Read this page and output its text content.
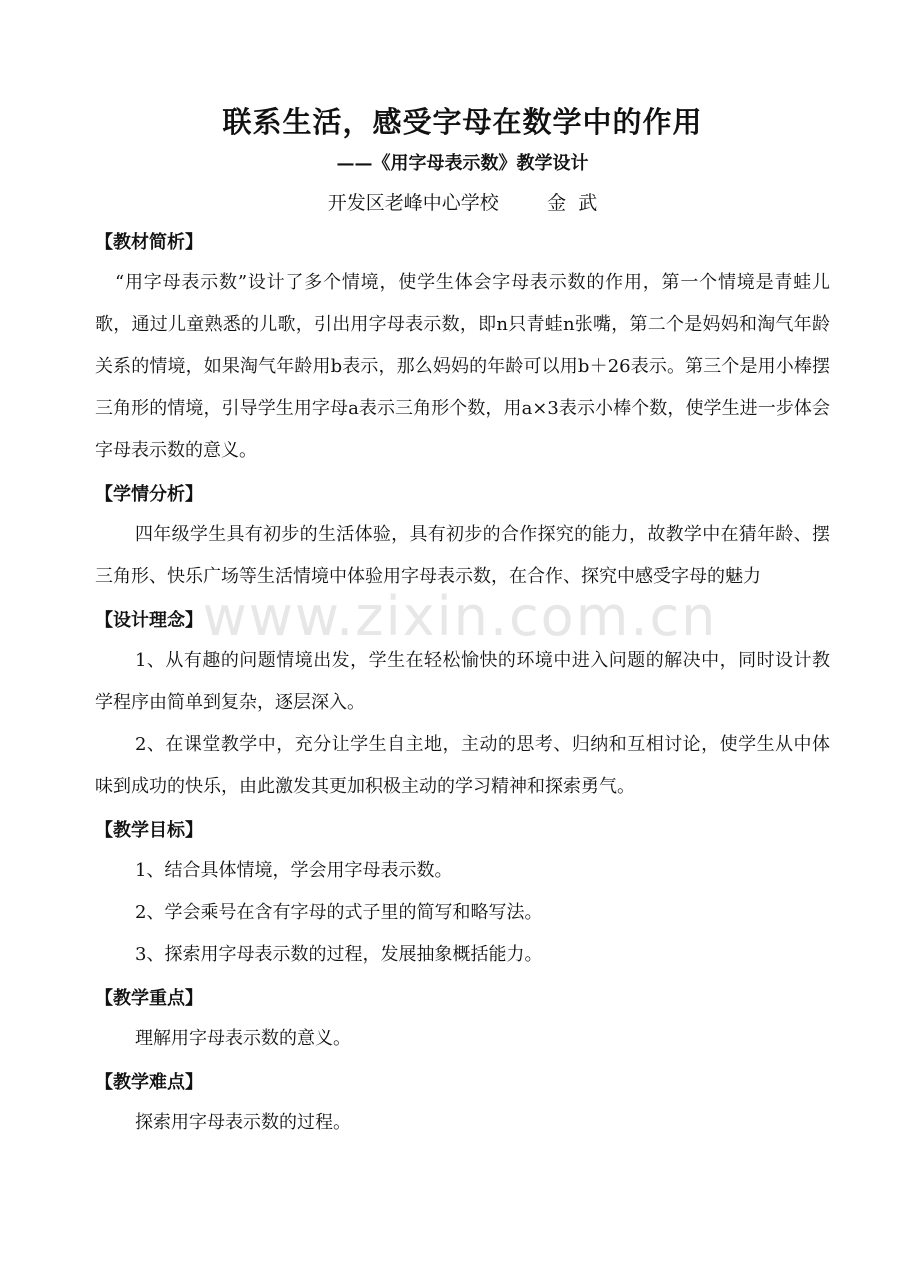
联系生活，感受字母在数学中的作用

——《用字母表示数》教学设计

开发区老峰中心学校        金  武

【教材简析】

“用字母表示数”设计了多个情境，使学生体会字母表示数的作用，第一个情境是青蛙儿歌，通过儿童熟悉的儿歌，引出用字母表示数，即n只青蛙n张嘴，第二个是妈妈和淘气年龄关系的情境，如果淘气年龄用b表示，那么妈妈的年龄可以用b＋26表示。第三个是用小棒摆三角形的情境，引导学生用字母a表示三角形个数，用a×3表示小棒个数，使学生进一步体会字母表示数的意义。

【学情分析】

四年级学生具有初步的生活体验，具有初步的合作探究的能力，故教学中在猜年龄、摆三角形、快乐广场等生活情境中体验用字母表示数，在合作、探究中感受字母的魅力

【设计理念】

1、从有趣的问题情境出发，学生在轻松愉快的环境中进入问题的解决中，同时设计教学程序由简单到复杂，逐层深入。

2、在课堂教学中，充分让学生自主地，主动的思考、归纳和互相讨论，使学生从中体味到成功的快乐，由此激发其更加积极主动的学习精神和探索勇气。

【教学目标】

1、结合具体情境，学会用字母表示数。

2、学会乘号在含有字母的式子里的简写和略写法。

3、探索用字母表示数的过程，发展抽象概括能力。

【教学重点】

理解用字母表示数的意义。

【教学难点】

探索用字母表示数的过程。

www.zixin.com.cn
